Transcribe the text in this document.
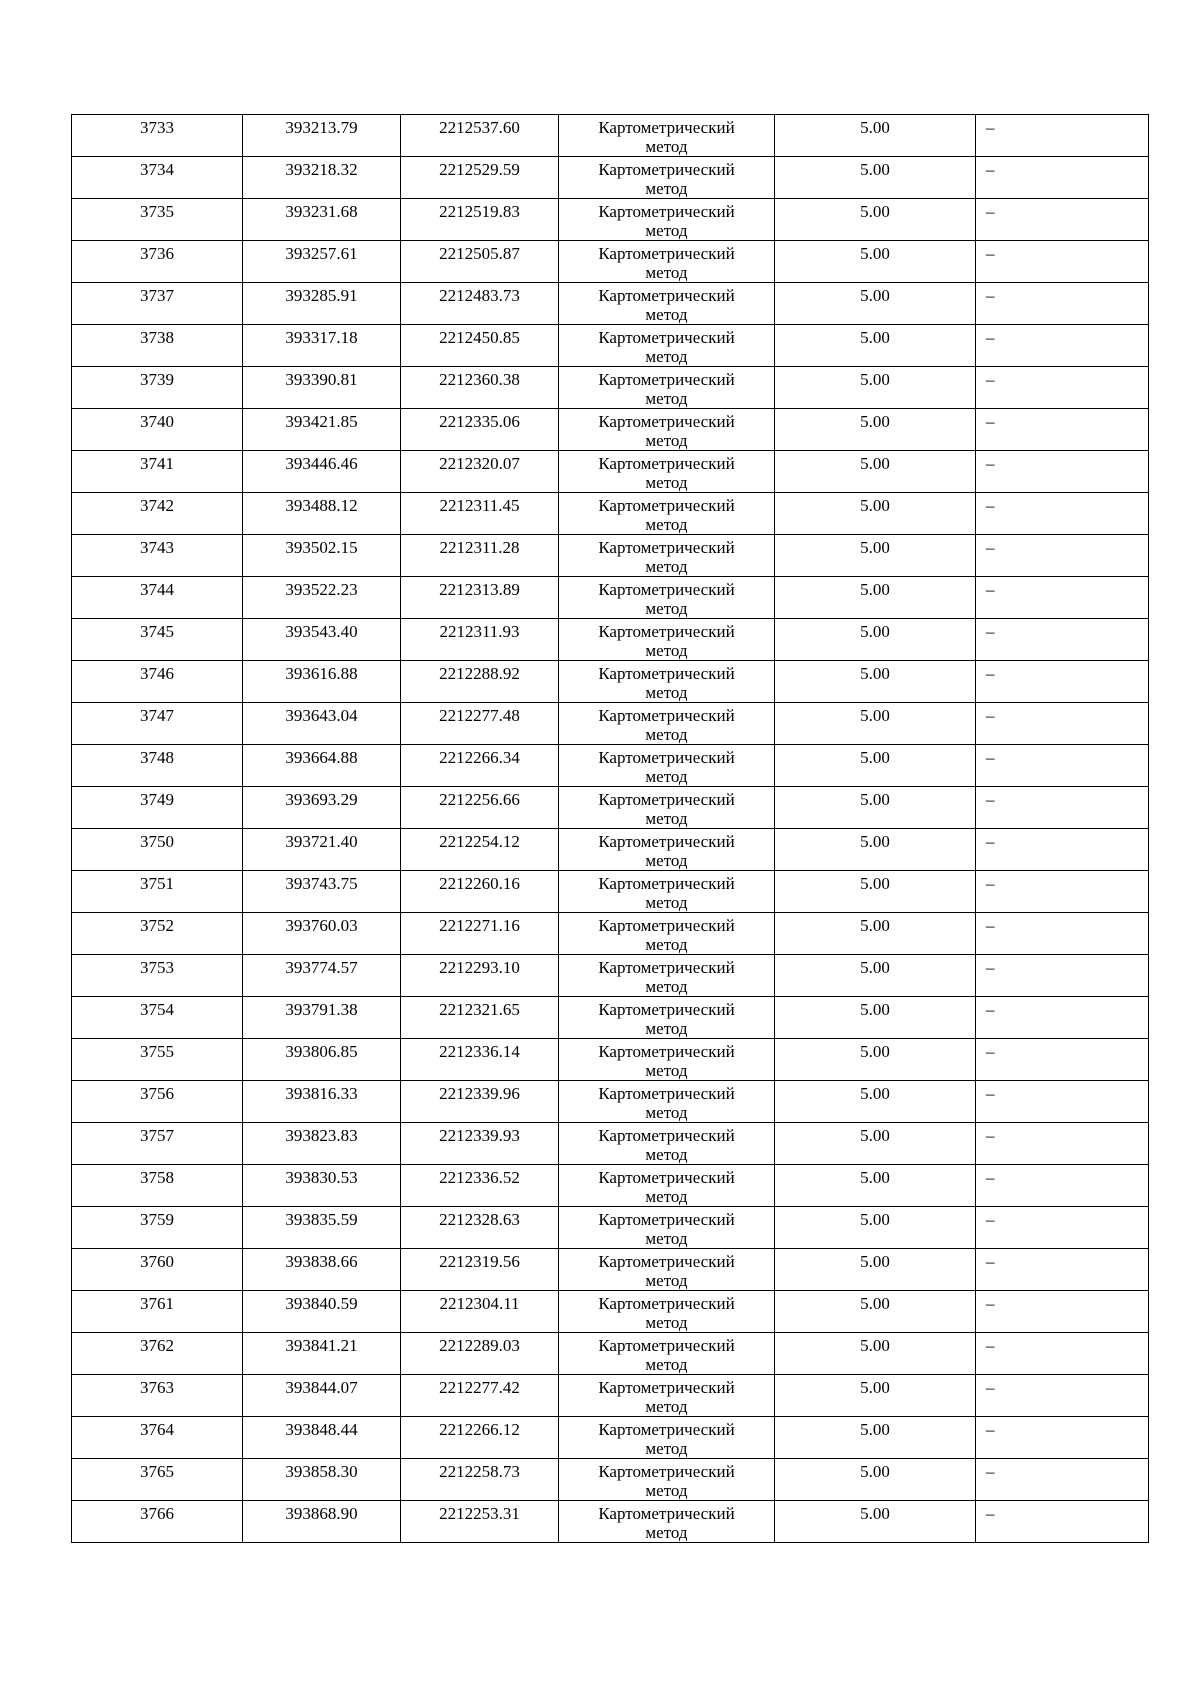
3733	393213.79	2212537.60	Картометрический метод	5.00	–

3734	393218.32	2212529.59	Картометрический метод	5.00	–

3735	393231.68	2212519.83	Картометрический метод	5.00	–

3736	393257.61	2212505.87	Картометрический метод	5.00	–

3737	393285.91	2212483.73	Картометрический метод	5.00	–

3738	393317.18	2212450.85	Картометрический метод	5.00	–

3739	393390.81	2212360.38	Картометрический метод	5.00	–

3740	393421.85	2212335.06	Картометрический метод	5.00	–

3741	393446.46	2212320.07	Картометрический метод	5.00	–

3742	393488.12	2212311.45	Картометрический метод	5.00	–

3743	393502.15	2212311.28	Картометрический метод	5.00	–

3744	393522.23	2212313.89	Картометрический метод	5.00	–

3745	393543.40	2212311.93	Картометрический метод	5.00	–

3746	393616.88	2212288.92	Картометрический метод	5.00	–

3747	393643.04	2212277.48	Картометрический метод	5.00	–

3748	393664.88	2212266.34	Картометрический метод	5.00	–

3749	393693.29	2212256.66	Картометрический метод	5.00	–

3750	393721.40	2212254.12	Картометрический метод	5.00	–

3751	393743.75	2212260.16	Картометрический метод	5.00	–

3752	393760.03	2212271.16	Картометрический метод	5.00	–

3753	393774.57	2212293.10	Картометрический метод	5.00	–

3754	393791.38	2212321.65	Картометрический метод	5.00	–

3755	393806.85	2212336.14	Картометрический метод	5.00	–

3756	393816.33	2212339.96	Картометрический метод	5.00	–

3757	393823.83	2212339.93	Картометрический метод	5.00	–

3758	393830.53	2212336.52	Картометрический метод	5.00	–

3759	393835.59	2212328.63	Картометрический метод	5.00	–

3760	393838.66	2212319.56	Картометрический метод	5.00	–

3761	393840.59	2212304.11	Картометрический метод	5.00	–

3762	393841.21	2212289.03	Картометрический метод	5.00	–

3763	393844.07	2212277.42	Картометрический метод	5.00	–

3764	393848.44	2212266.12	Картометрический метод	5.00	–

3765	393858.30	2212258.73	Картометрический метод	5.00	–

3766	393868.90	2212253.31	Картометрический метод	5.00	–
